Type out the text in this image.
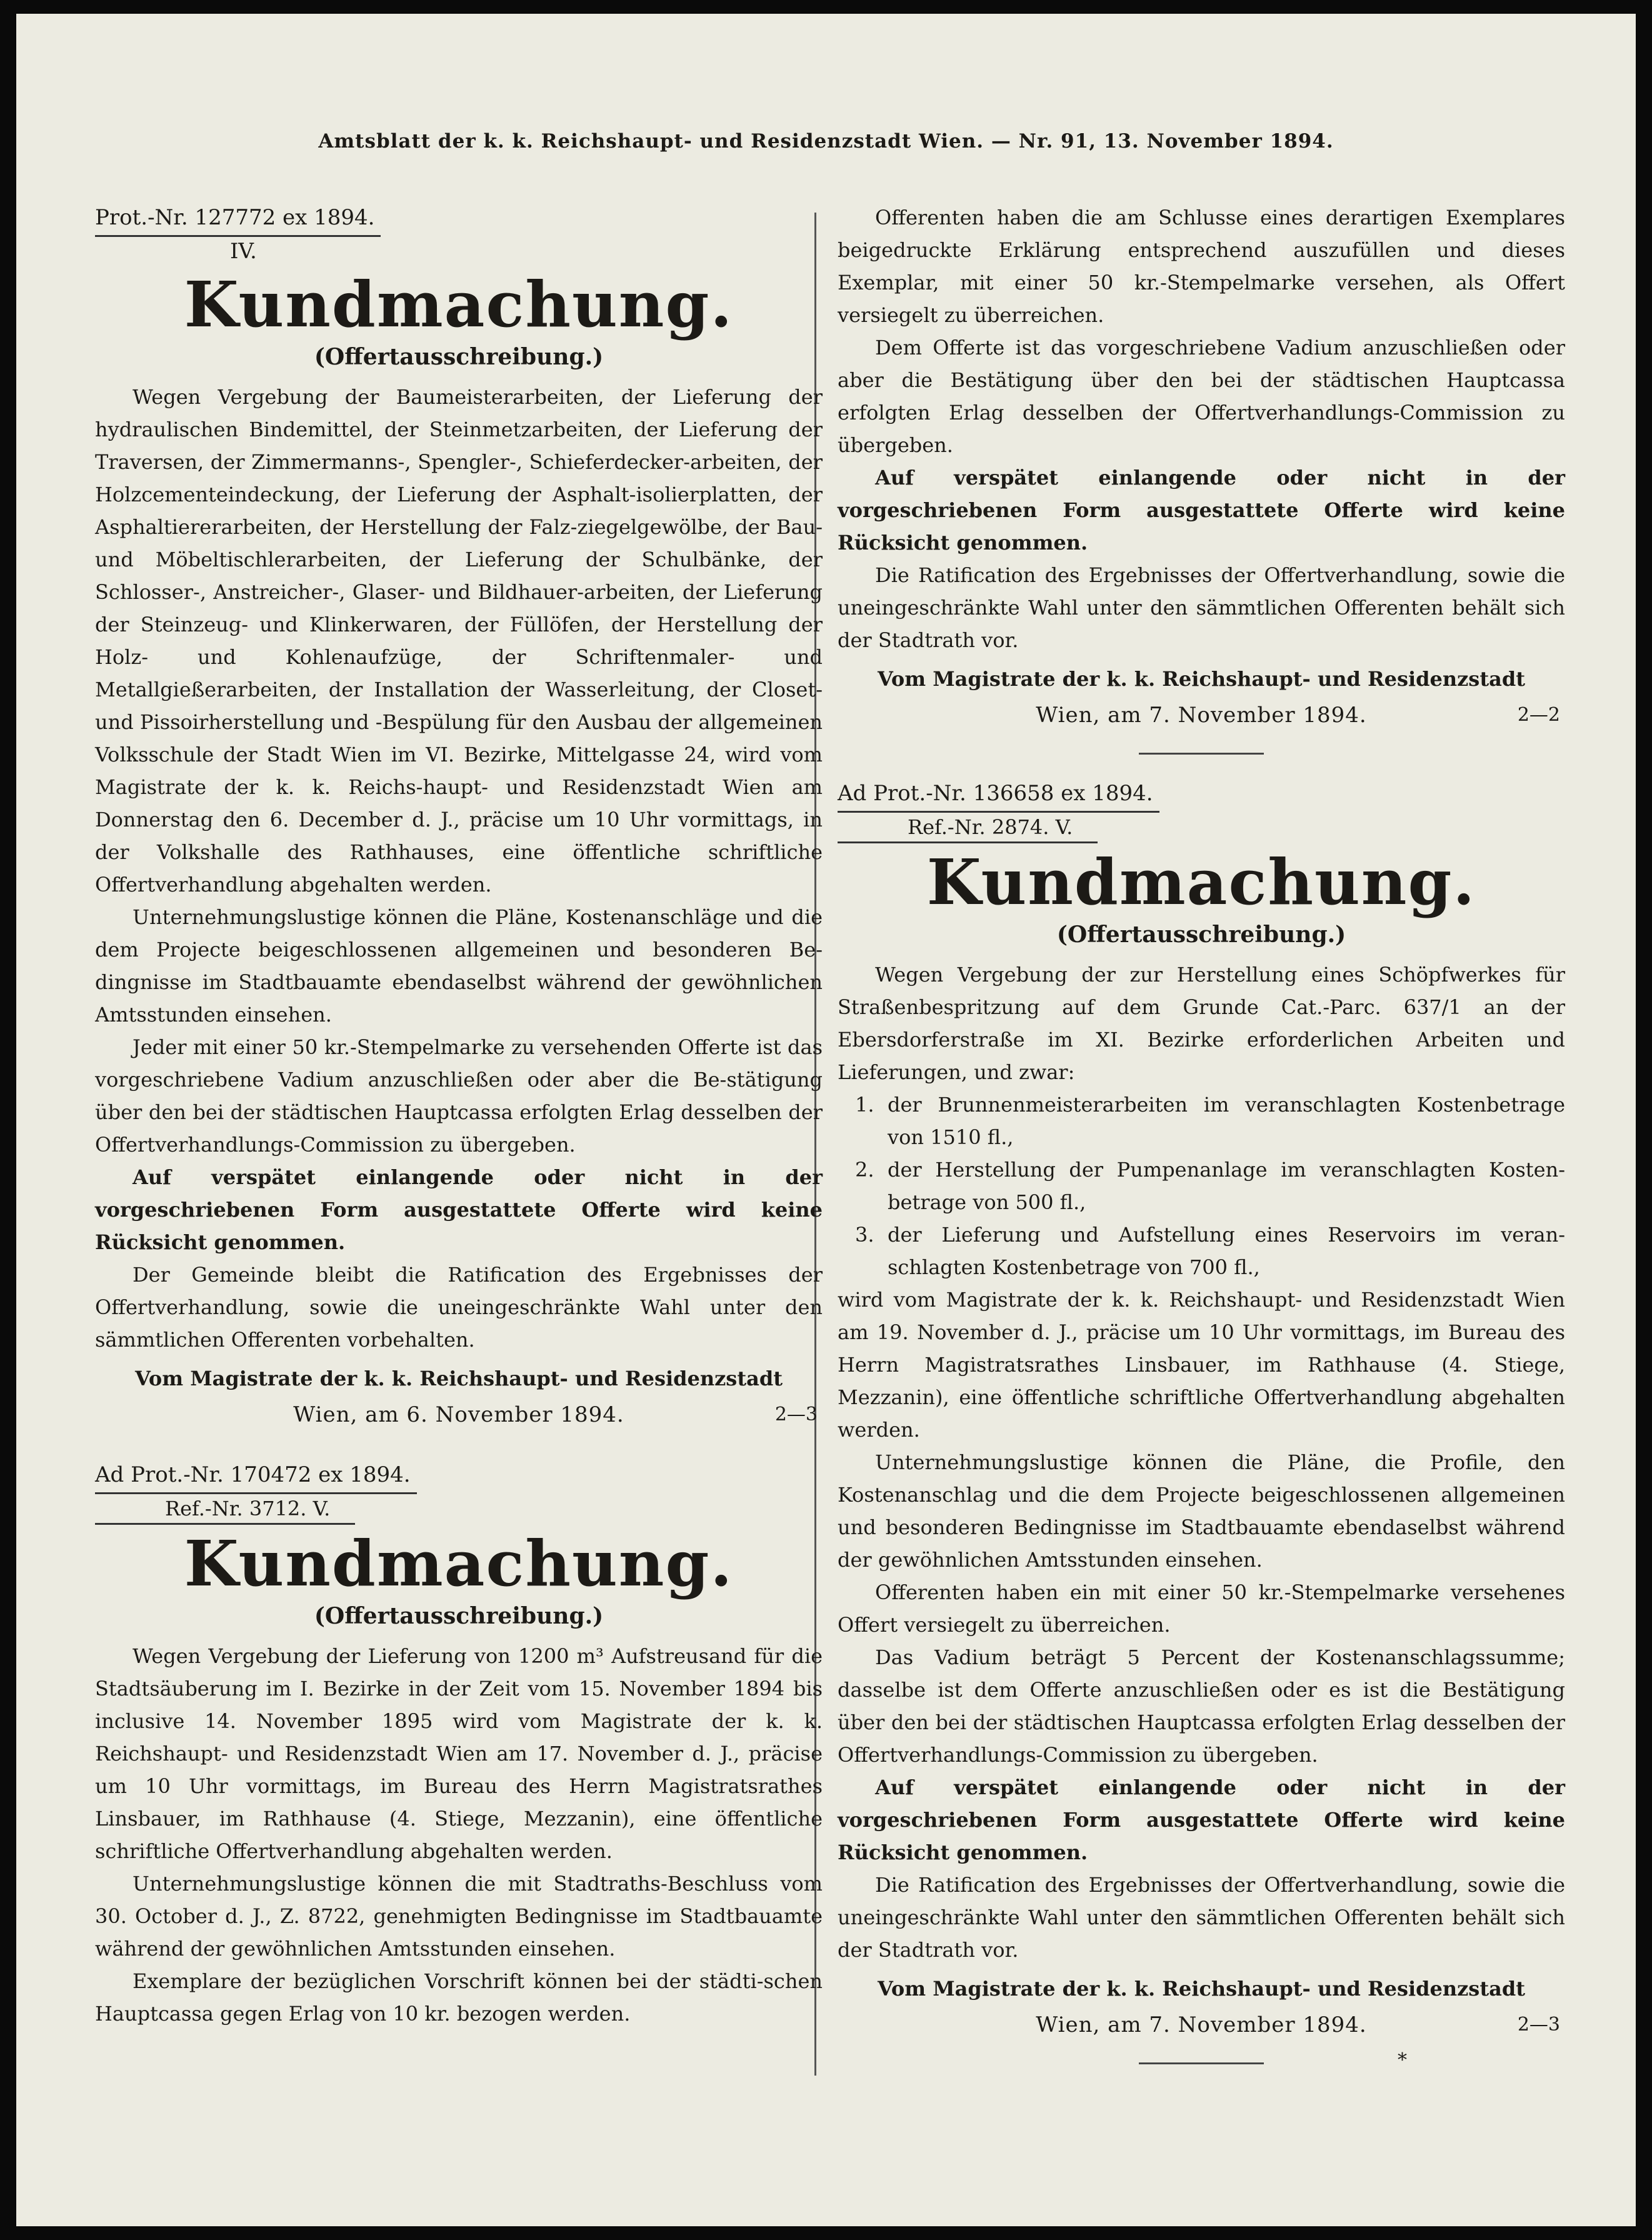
Amtsblatt der k. k. Reichshaupt- und Residenzstadt Wien. — Nr. 91, 13. November 1894.
Prot.-Nr. 127772 ex 1894.
IV.
Kundmachung.
(Offertausschreibung.)

Wegen Vergebung der Baumeisterarbeiten, der Lieferung der hydraulischen Bindemittel, der Steinmetzarbeiten, der Lieferung der Traversen, der Zimmermanns-, Spengler-, Schieferdecker-arbeiten, der Holzcementeindeckung, der Lieferung der Asphalt-isolierplatten, der Asphaltiererarbeiten, der Herstellung der Falz-ziegelgewölbe, der Bau- und Möbeltischlerarbeiten, der Lieferung der Schulbänke, der Schlosser-, Anstreicher-, Glaser- und Bildhauer-arbeiten, der Lieferung der Steinzeug- und Klinkerwaren, der Füllöfen, der Herstellung der Holz- und Kohlenaufzüge, der Schriftenmaler- und Metallgießerarbeiten, der Installation der Wasserleitung, der Closet- und Pissoirherstellung und -Bespülung für den Ausbau der allgemeinen Volksschule der Stadt Wien im VI. Bezirke, Mittelgasse 24, wird vom Magistrate der k. k. Reichs-haupt- und Residenzstadt Wien am Donnerstag den 6. December d. J., präcise um 10 Uhr vormittags, in der Volkshalle des Rathhauses, eine öffentliche schriftliche Offertverhandlung abgehalten werden.

Unternehmungslustige können die Pläne, Kostenanschläge und die dem Projecte beigeschlossenen allgemeinen und besonderen Be-dingnisse im Stadtbauamte ebendaselbst während der gewöhnlichen Amtsstunden einsehen.

Jeder mit einer 50 kr.-Stempelmarke zu versehenden Offerte ist das vorgeschriebene Vadium anzuschließen oder aber die Be-stätigung über den bei der städtischen Hauptcassa erfolgten Erlag desselben der Offertverhandlungs-Commission zu übergeben.

Auf verspätet einlangende oder nicht in der vorgeschriebenen Form ausgestattete Offerte wird keine Rücksicht genommen.

Der Gemeinde bleibt die Ratification des Ergebnisses der Offertverhandlung, sowie die uneingeschränkte Wahl unter den sämmtlichen Offerenten vorbehalten.

Vom Magistrate der k. k. Reichshaupt- und Residenzstadt
Wien, am 6. November 1894.	2—3
Ad Prot.-Nr. 170472 ex 1894.
Ref.-Nr. 3712. V.
Kundmachung.
(Offertausschreibung.)

Wegen Vergebung der Lieferung von 1200 m³ Aufstreusand für die Stadtsäuberung im I. Bezirke in der Zeit vom 15. November 1894 bis inclusive 14. November 1895 wird vom Magistrate der k. k. Reichshaupt- und Residenzstadt Wien am 17. November d. J., präcise um 10 Uhr vormittags, im Bureau des Herrn Magistratsrathes Linsbauer, im Rathhause (4. Stiege, Mezzanin), eine öffentliche schriftliche Offertverhandlung abgehalten werden.

Unternehmungslustige können die mit Stadtraths-Beschluss vom 30. October d. J., Z. 8722, genehmigten Bedingnisse im Stadtbauamte während der gewöhnlichen Amtsstunden einsehen.

Exemplare der bezüglichen Vorschrift können bei der städti-schen Hauptcassa gegen Erlag von 10 kr. bezogen werden.

Offerenten haben die am Schlusse eines derartigen Exemplares beigedruckte Erklärung entsprechend auszufüllen und dieses Exemplar, mit einer 50 kr.-Stempelmarke versehen, als Offert versiegelt zu überreichen.

Dem Offerte ist das vorgeschriebene Vadium anzuschließen oder aber die Bestätigung über den bei der städtischen Hauptcassa erfolgten Erlag desselben der Offertverhandlungs-Commission zu übergeben.

Auf verspätet einlangende oder nicht in der vorgeschriebenen Form ausgestattete Offerte wird keine Rücksicht genommen.

Die Ratification des Ergebnisses der Offertverhandlung, sowie die uneingeschränkte Wahl unter den sämmtlichen Offerenten behält sich der Stadtrath vor.

Vom Magistrate der k. k. Reichshaupt- und Residenzstadt
Wien, am 7. November 1894.	2—2
Ad Prot.-Nr. 136658 ex 1894.
Ref.-Nr. 2874. V.
Kundmachung.
(Offertausschreibung.)

Wegen Vergebung der zur Herstellung eines Schöpfwerkes für Straßenbespritzung auf dem Grunde Cat.-Parc. 637/1 an der Ebersdorferstraße im XI. Bezirke erforderlichen Arbeiten und Lieferungen, und zwar:

1. der Brunnenmeisterarbeiten im veranschlagten Kostenbetrage von 1510 fl.,
2. der Herstellung der Pumpenanlage im veranschlagten Kosten-betrage von 500 fl.,
3. der Lieferung und Aufstellung eines Reservoirs im veran-schlagten Kostenbetrage von 700 fl.,

wird vom Magistrate der k. k. Reichshaupt- und Residenzstadt Wien am 19. November d. J., präcise um 10 Uhr vormittags, im Bureau des Herrn Magistratsrathes Linsbauer, im Rathhause (4. Stiege, Mezzanin), eine öffentliche schriftliche Offertverhandlung abgehalten werden.

Unternehmungslustige können die Pläne, die Profile, den Kostenanschlag und die dem Projecte beigeschlossenen allgemeinen und besonderen Bedingnisse im Stadtbauamte ebendaselbst während der gewöhnlichen Amtsstunden einsehen.

Offerenten haben ein mit einer 50 kr.-Stempelmarke versehenes Offert versiegelt zu überreichen.

Das Vadium beträgt 5 Percent der Kostenanschlagssumme; dasselbe ist dem Offerte anzuschließen oder es ist die Bestätigung über den bei der städtischen Hauptcassa erfolgten Erlag desselben der Offertverhandlungs-Commission zu übergeben.

Auf verspätet einlangende oder nicht in der vorgeschriebenen Form ausgestattete Offerte wird keine Rücksicht genommen.

Die Ratification des Ergebnisses der Offertverhandlung, sowie die uneingeschränkte Wahl unter den sämmtlichen Offerenten behält sich der Stadtrath vor.

Vom Magistrate der k. k. Reichshaupt- und Residenzstadt
Wien, am 7. November 1894.	2—3
*
